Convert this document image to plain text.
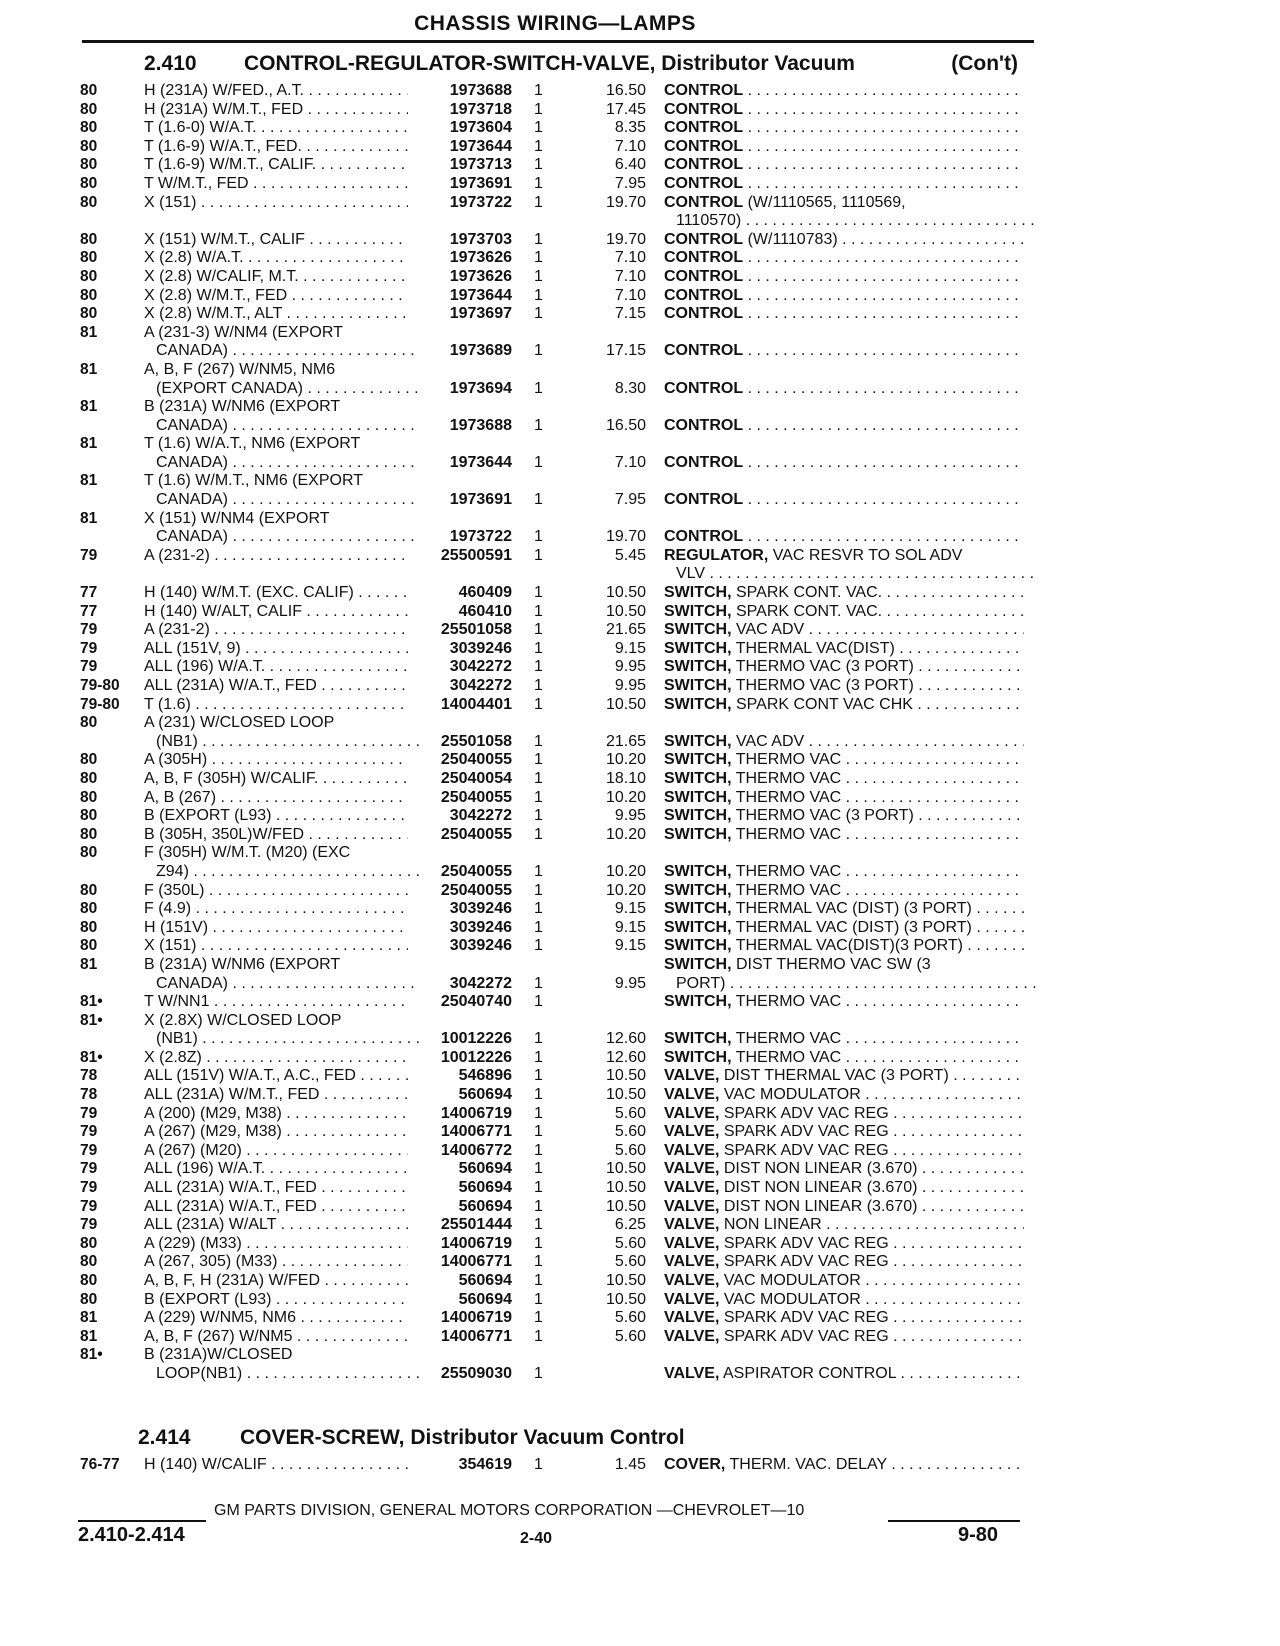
CHASSIS WIRING—LAMPS
2.410 CONTROL-REGULATOR-SWITCH-VALVE, Distributor Vacuum	(Con't)
80	H (231A) W/FED., A.T. . . .	1973688 1	16.50 CONTROL . . .
80	H (231A) W/M.T., FED . . .	1973718 1	17.45 CONTROL . . .
80	T (1.6-0) W/A.T. . . .	1973604 1	8.35 CONTROL . . .
80	T (1.6-9) W/A.T., FED. . . .	1973644 1	7.10 CONTROL . . .
80	T (1.6-9) W/M.T., CALIF. . . .	1973713 1	6.40 CONTROL . . .
80	T W/M.T., FED . . .	1973691 1	7.95 CONTROL . . .
80	X (151) . . .	1973722 1	19.70 CONTROL (W/1110565, 1110569,
1110570) . . .
80	X (151) W/M.T., CALIF . . .	1973703 1	19.70 CONTROL (W/1110783) . . .
80	X (2.8) W/A.T. . . .	1973626 1	7.10 CONTROL . . .
80	X (2.8) W/CALIF, M.T. . . .	1973626 1	7.10 CONTROL . . .
80	X (2.8) W/M.T., FED . . .	1973644 1	7.10 CONTROL . . .
80	X (2.8) W/M.T., ALT . . .	1973697 1	7.15 CONTROL . . .
81	A (231-3) W/NM4 (EXPORT
CANADA) . . .	1973689 1	17.15 CONTROL . . .
81	A, B, F (267) W/NM5, NM6
(EXPORT CANADA) . . .	1973694 1	8.30 CONTROL . . .
81	B (231A) W/NM6 (EXPORT
CANADA) . . .	1973688 1	16.50 CONTROL . . .
81	T (1.6) W/A.T., NM6 (EXPORT
CANADA) . . .	1973644 1	7.10 CONTROL . . .
81	T (1.6) W/M.T., NM6 (EXPORT
CANADA) . . .	1973691 1	7.95 CONTROL . . .
81	X (151) W/NM4 (EXPORT
CANADA) . . .	1973722 1	19.70 CONTROL . . .
79	A (231-2) . . .	25500591 1	5.45 REGULATOR, VAC RESVR TO SOL ADV
VLV . . .
77	H (140) W/M.T. (EXC. CALIF) . . .	460409 1	10.50 SWITCH, SPARK CONT. VAC. . . .
77	H (140) W/ALT, CALIF . . .	460410 1	10.50 SWITCH, SPARK CONT. VAC. . . .
79	A (231-2) . . .	25501058 1	21.65 SWITCH, VAC ADV . . .
79	ALL (151V, 9) . . .	3039246 1	9.15 SWITCH, THERMAL VAC(DIST) . . .
79	ALL (196) W/A.T. . . .	3042272 1	9.95 SWITCH, THERMO VAC (3 PORT) . . .
79-80 ALL (231A) W/A.T., FED . . .	3042272 1	9.95 SWITCH, THERMO VAC (3 PORT) . . .
79-80 T (1.6) . . .	14004401 1	10.50 SWITCH, SPARK CONT VAC CHK . . .
80	A (231) W/CLOSED LOOP
(NB1) . . .	25501058 1	21.65 SWITCH, VAC ADV . . .
80	A (305H) . . .	25040055 1	10.20 SWITCH, THERMO VAC . . .
80	A, B, F (305H) W/CALIF. . . .	25040054 1	18.10 SWITCH, THERMO VAC . . .
80	A, B (267) . . .	25040055 1	10.20 SWITCH, THERMO VAC . . .
80	B (EXPORT (L93) . . .	3042272 1	9.95 SWITCH, THERMO VAC (3 PORT) . . .
80	B (305H, 350L)W/FED . . .	25040055 1	10.20 SWITCH, THERMO VAC . . .
80	F (305H) W/M.T. (M20) (EXC
Z94) . . .	25040055 1	10.20 SWITCH, THERMO VAC . . .
80	F (350L) . . .	25040055 1	10.20 SWITCH, THERMO VAC . . .
80	F (4.9) . . .	3039246 1	9.15 SWITCH, THERMAL VAC (DIST) (3 PORT) . . .
80	H (151V) . . .	3039246 1	9.15 SWITCH, THERMAL VAC (DIST) (3 PORT) . . .
80	X (151) . . .	3039246 1	9.15 SWITCH, THERMAL VAC(DIST)(3 PORT) . . .
81	B (231A) W/NM6 (EXPORT
CANADA) . . .	3042272 1	9.95
SWITCH, DIST THERMO VAC SW (3
PORT) . . .
81•	T W/NN1 . . .	25040740 1	SWITCH, THERMO VAC . . .
81•	X (2.8X) W/CLOSED LOOP
(NB1) . . .	10012226 1	12.60 SWITCH, THERMO VAC . . .
81•	X (2.8Z) . . .	10012226 1	12.60 SWITCH, THERMO VAC . . .
78	ALL (151V) W/A.T., A.C., FED . . .	546896 1	10.50 VALVE, DIST THERMAL VAC (3 PORT) . . .
78	ALL (231A) W/M.T., FED . . .	560694 1	10.50 VALVE, VAC MODULATOR . . .
79	A (200) (M29, M38) . . .	14006719 1	5.60 VALVE, SPARK ADV VAC REG . . .
79	A (267) (M29, M38) . . .	14006771 1	5.60 VALVE, SPARK ADV VAC REG . . .
79	A (267) (M20) . . .	14006772 1	5.60 VALVE, SPARK ADV VAC REG . . .
79	ALL (196) W/A.T. . . .	560694 1	10.50 VALVE, DIST NON LINEAR (3.670) . . .
79	ALL (231A) W/A.T., FED . . .	560694 1	10.50 VALVE, DIST NON LINEAR (3.670) . . .
79	ALL (231A) W/A.T., FED . . .	560694 1	10.50 VALVE, DIST NON LINEAR (3.670) . . .
79	ALL (231A) W/ALT . . .	25501444 1	6.25 VALVE, NON LINEAR . . .
80	A (229) (M33) . . .	14006719 1	5.60 VALVE, SPARK ADV VAC REG . . .
80	A (267, 305) (M33) . . .	14006771 1	5.60 VALVE, SPARK ADV VAC REG . . .
80	A, B, F, H (231A) W/FED . . .	560694 1	10.50 VALVE, VAC MODULATOR . . .
80	B (EXPORT (L93) . . .	560694 1	10.50 VALVE, VAC MODULATOR . . .
81	A (229) W/NM5, NM6 . . .	14006719 1	5.60 VALVE, SPARK ADV VAC REG . . .
81	A, B, F (267) W/NM5 . . .	14006771 1	5.60 VALVE, SPARK ADV VAC REG . . .
81•	B (231A)W/CLOSED
LOOP(NB1) . . .	25509030 1	VALVE, ASPIRATOR CONTROL . . .
2.414 COVER-SCREW, Distributor Vacuum Control
76-77 H (140) W/CALIF . . .	354619 1	1.45 COVER, THERM. VAC. DELAY . . .
GM PARTS DIVISION, GENERAL MOTORS CORPORATION —CHEVROLET—10
2.410-2.414	2-40	9-80
